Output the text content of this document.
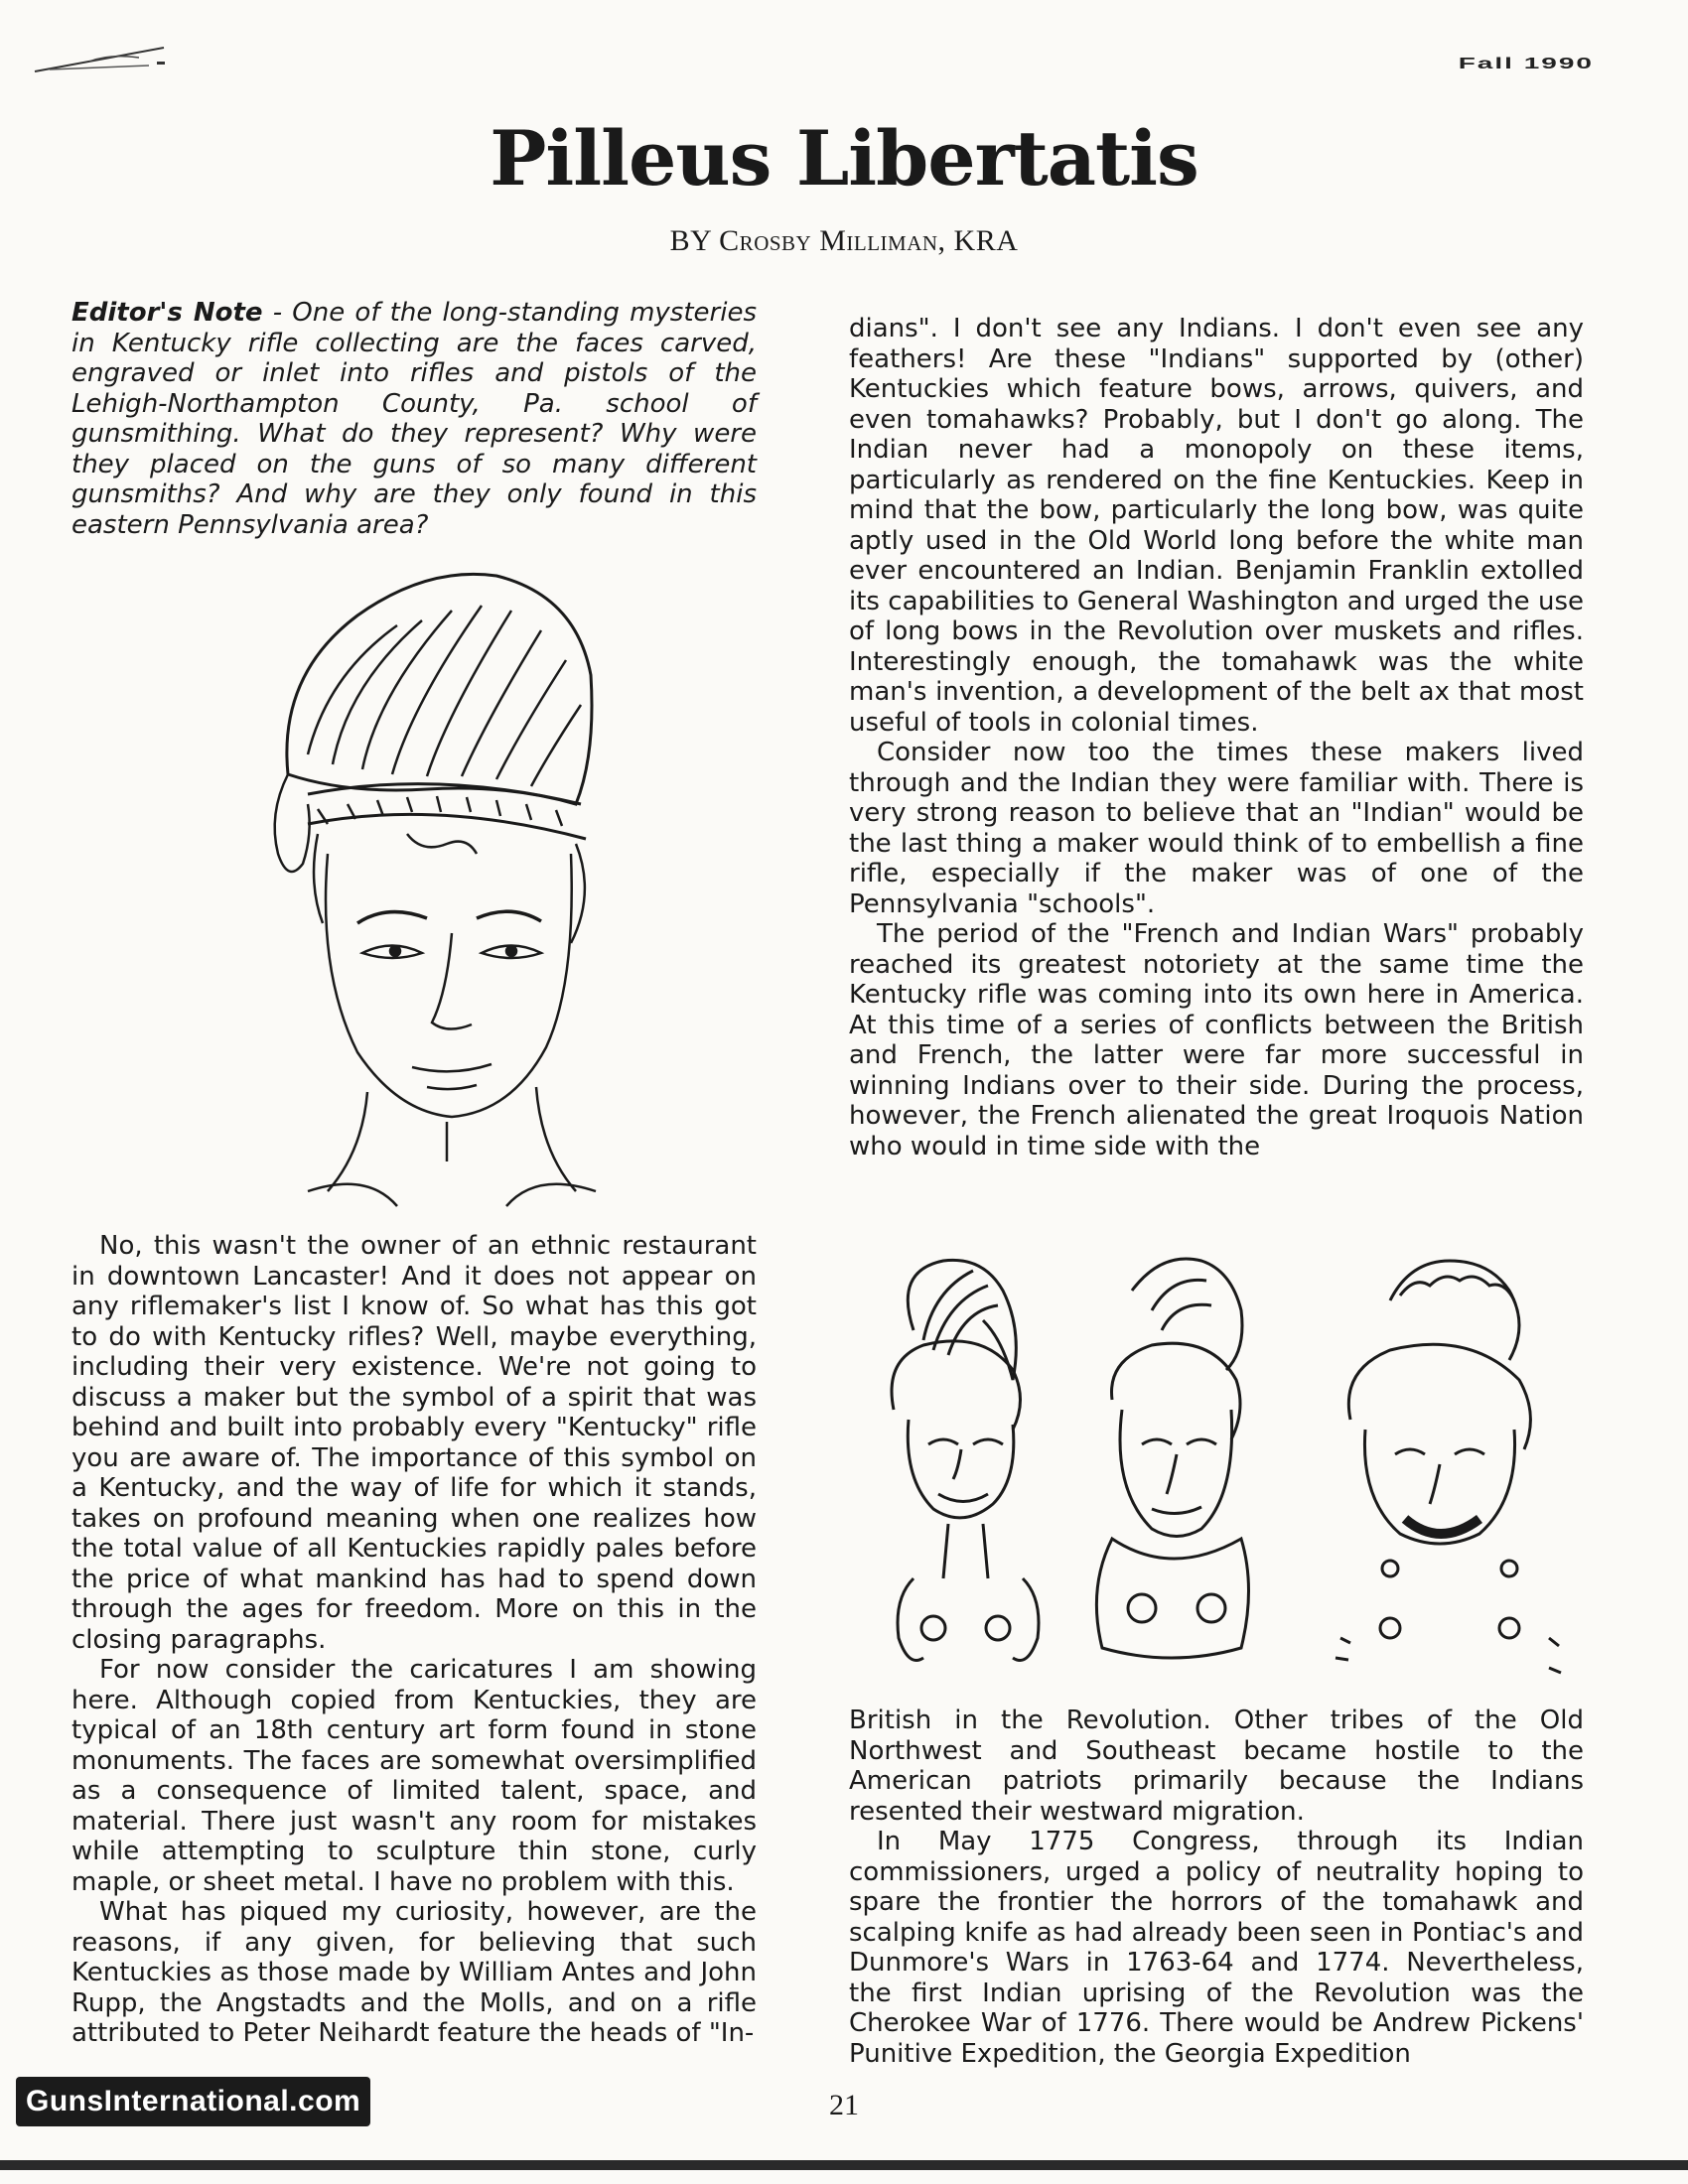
Fall 1990
Pilleus Libertatis
BY Crosby Milliman, KRA
Editor's Note - One of the long-standing mysteries in Kentucky rifle collecting are the faces carved, engraved or inlet into rifles and pistols of the Lehigh-Northampton County, Pa. school of gunsmithing. What do they represent? Why were they placed on the guns of so many different gunsmiths? And why are they only found in this eastern Pennsylvania area?

No, this wasn't the owner of an ethnic restaurant in downtown Lancaster! And it does not appear on any riflemaker's list I know of. So what has this got to do with Kentucky rifles? Well, maybe everything, including their very existence. We're not going to discuss a maker but the symbol of a spirit that was behind and built into probably every "Kentucky" rifle you are aware of. The importance of this symbol on a Kentucky, and the way of life for which it stands, takes on profound meaning when one realizes how the total value of all Kentuckies rapidly pales before the price of what mankind has had to spend down through the ages for freedom. More on this in the closing paragraphs.

For now consider the caricatures I am showing here. Although copied from Kentuckies, they are typical of an 18th century art form found in stone monuments. The faces are somewhat oversimplified as a consequence of limited talent, space, and material. There just wasn't any room for mistakes while attempting to sculpture thin stone, curly maple, or sheet metal. I have no problem with this.

What has piqued my curiosity, however, are the reasons, if any given, for believing that such Kentuckies as those made by William Antes and John Rupp, the Angstadts and the Molls, and on a rifle attributed to Peter Neihardt feature the heads of "In-

dians". I don't see any Indians. I don't even see any feathers! Are these "Indians" supported by (other) Kentuckies which feature bows, arrows, quivers, and even tomahawks? Probably, but I don't go along. The Indian never had a monopoly on these items, particularly as rendered on the fine Kentuckies. Keep in mind that the bow, particularly the long bow, was quite aptly used in the Old World long before the white man ever encountered an Indian. Benjamin Franklin extolled its capabilities to General Washington and urged the use of long bows in the Revolution over muskets and rifles. Interestingly enough, the tomahawk was the white man's invention, a development of the belt ax that most useful of tools in colonial times.

Consider now too the times these makers lived through and the Indian they were familiar with. There is very strong reason to believe that an "Indian" would be the last thing a maker would think of to embellish a fine rifle, especially if the maker was of one of the Pennsylvania "schools".

The period of the "French and Indian Wars" probably reached its greatest notoriety at the same time the Kentucky rifle was coming into its own here in America. At this time of a series of conflicts between the British and French, the latter were far more successful in winning Indians over to their side. During the process, however, the French alienated the great Iroquois Nation who would in time side with the

British in the Revolution. Other tribes of the Old Northwest and Southeast became hostile to the American patriots primarily because the Indians resented their westward migration.

In May 1775 Congress, through its Indian commissioners, urged a policy of neutrality hoping to spare the frontier the horrors of the tomahawk and scalping knife as had already been seen in Pontiac's and Dunmore's Wars in 1763-64 and 1774. Nevertheless, the first Indian uprising of the Revolution was the Cherokee War of 1776. There would be Andrew Pickens' Punitive Expedition, the Georgia Expedition

21
GunsInternational.com
